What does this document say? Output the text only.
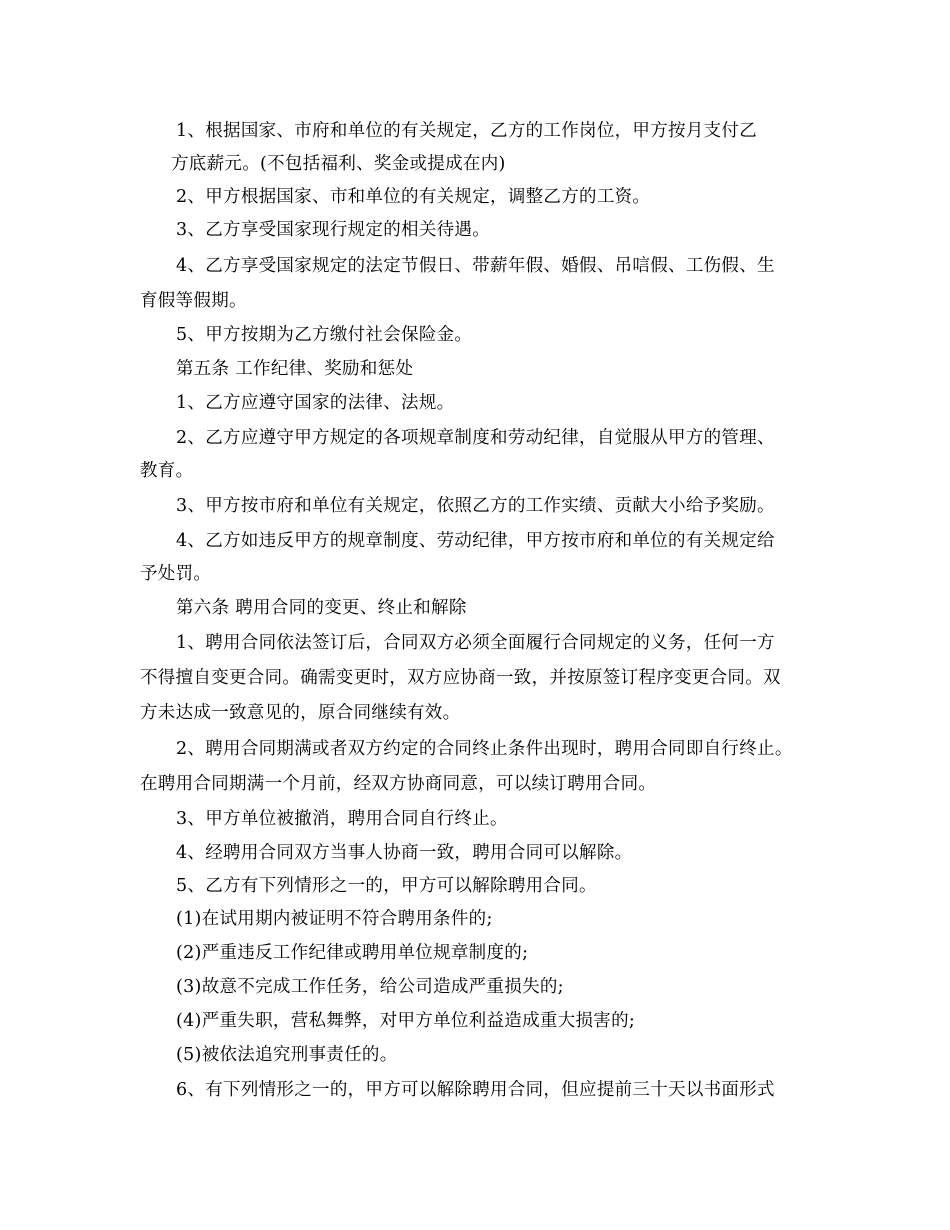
1、根据国家、市府和单位的有关规定，乙方的工作岗位，甲方按月支付乙
方底薪元。(不包括福利、奖金或提成在内)
2、甲方根据国家、市和单位的有关规定，调整乙方的工资。
3、乙方享受国家现行规定的相关待遇。
4、乙方享受国家规定的法定节假日、带薪年假、婚假、吊唁假、工伤假、生
育假等假期。
5、甲方按期为乙方缴付社会保险金。
第五条 工作纪律、奖励和惩处
1、乙方应遵守国家的法律、法规。
2、乙方应遵守甲方规定的各项规章制度和劳动纪律，自觉服从甲方的管理、
教育。
3、甲方按市府和单位有关规定，依照乙方的工作实绩、贡献大小给予奖励。
4、乙方如违反甲方的规章制度、劳动纪律，甲方按市府和单位的有关规定给
予处罚。
第六条 聘用合同的变更、终止和解除
1、聘用合同依法签订后，合同双方必须全面履行合同规定的义务，任何一方
不得擅自变更合同。确需变更时，双方应协商一致，并按原签订程序变更合同。双
方未达成一致意见的，原合同继续有效。
2、聘用合同期满或者双方约定的合同终止条件出现时，聘用合同即自行终止。
在聘用合同期满一个月前，经双方协商同意，可以续订聘用合同。
3、甲方单位被撤消，聘用合同自行终止。
4、经聘用合同双方当事人协商一致，聘用合同可以解除。
5、乙方有下列情形之一的，甲方可以解除聘用合同。
(1)在试用期内被证明不符合聘用条件的;
(2)严重违反工作纪律或聘用单位规章制度的;
(3)故意不完成工作任务，给公司造成严重损失的;
(4)严重失职，营私舞弊，对甲方单位利益造成重大损害的;
(5)被依法追究刑事责任的。
6、有下列情形之一的，甲方可以解除聘用合同，但应提前三十天以书面形式
